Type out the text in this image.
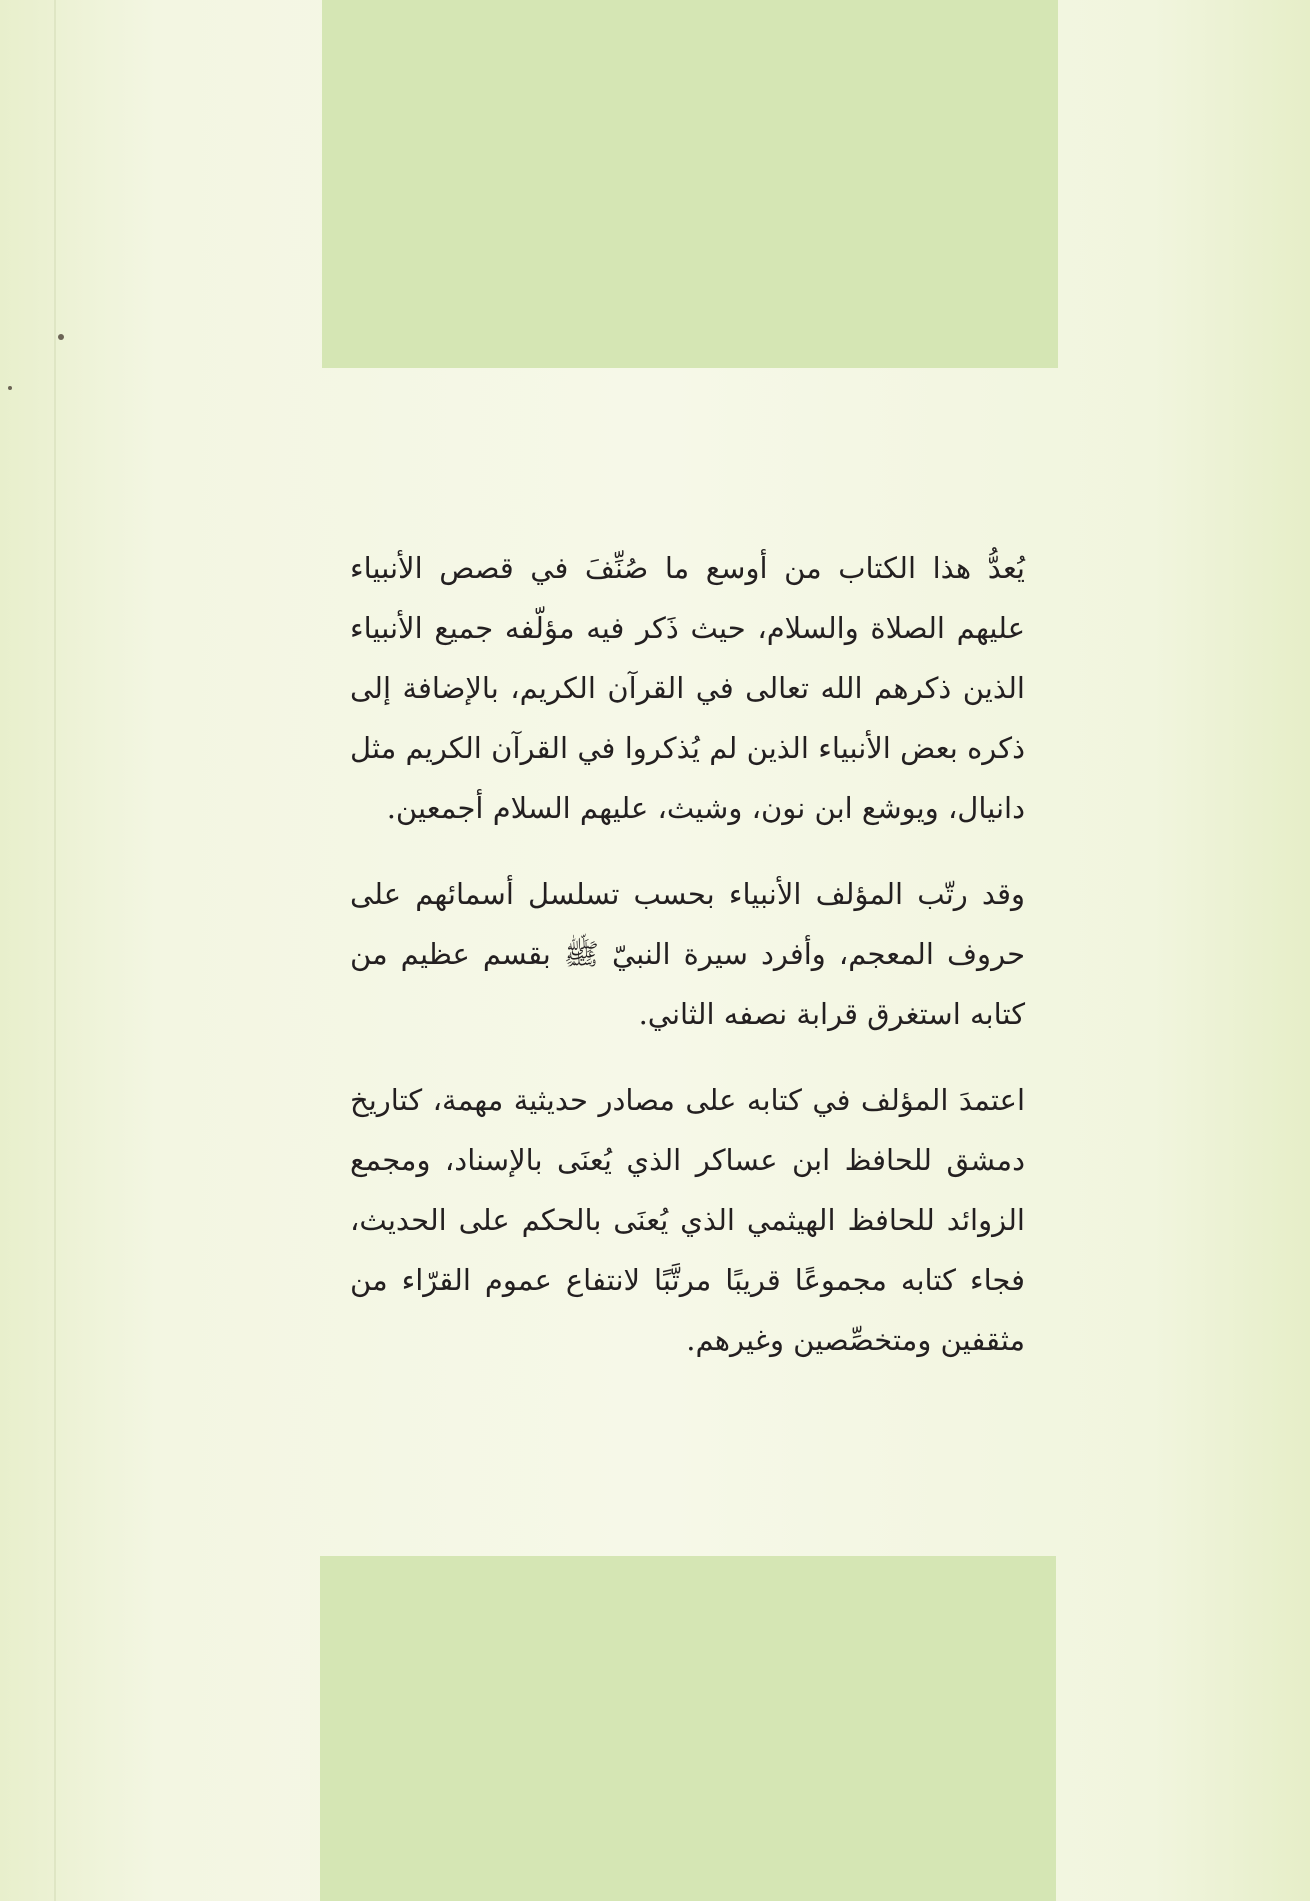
يُعدُّ هذا الكتاب من أوسع ما صُنِّفَ في قصص الأنبياء عليهم الصلاة والسلام، حيث ذَكر فيه مؤلّفه جميع الأنبياء الذين ذكرهم الله تعالى في القرآن الكريم، بالإضافة إلى ذكره بعض الأنبياء الذين لم يُذكروا في القرآن الكريم مثل دانيال، ويوشع ابن نون، وشيث، عليهم السلام أجمعين.

وقد رتّب المؤلف الأنبياء بحسب تسلسل أسمائهم على حروف المعجم، وأفرد سيرة النبيّ ﷺ بقسم عظيم من كتابه استغرق قرابة نصفه الثاني.

اعتمدَ المؤلف في كتابه على مصادر حديثية مهمة، كتاريخ دمشق للحافظ ابن عساكر الذي يُعنَى بالإسناد، ومجمع الزوائد للحافظ الهيثمي الذي يُعنَى بالحكم على الحديث، فجاء كتابه مجموعًا قريبًا مرتَّبًا لانتفاع عموم القرّاء من مثقفين ومتخصِّصين وغيرهم.
